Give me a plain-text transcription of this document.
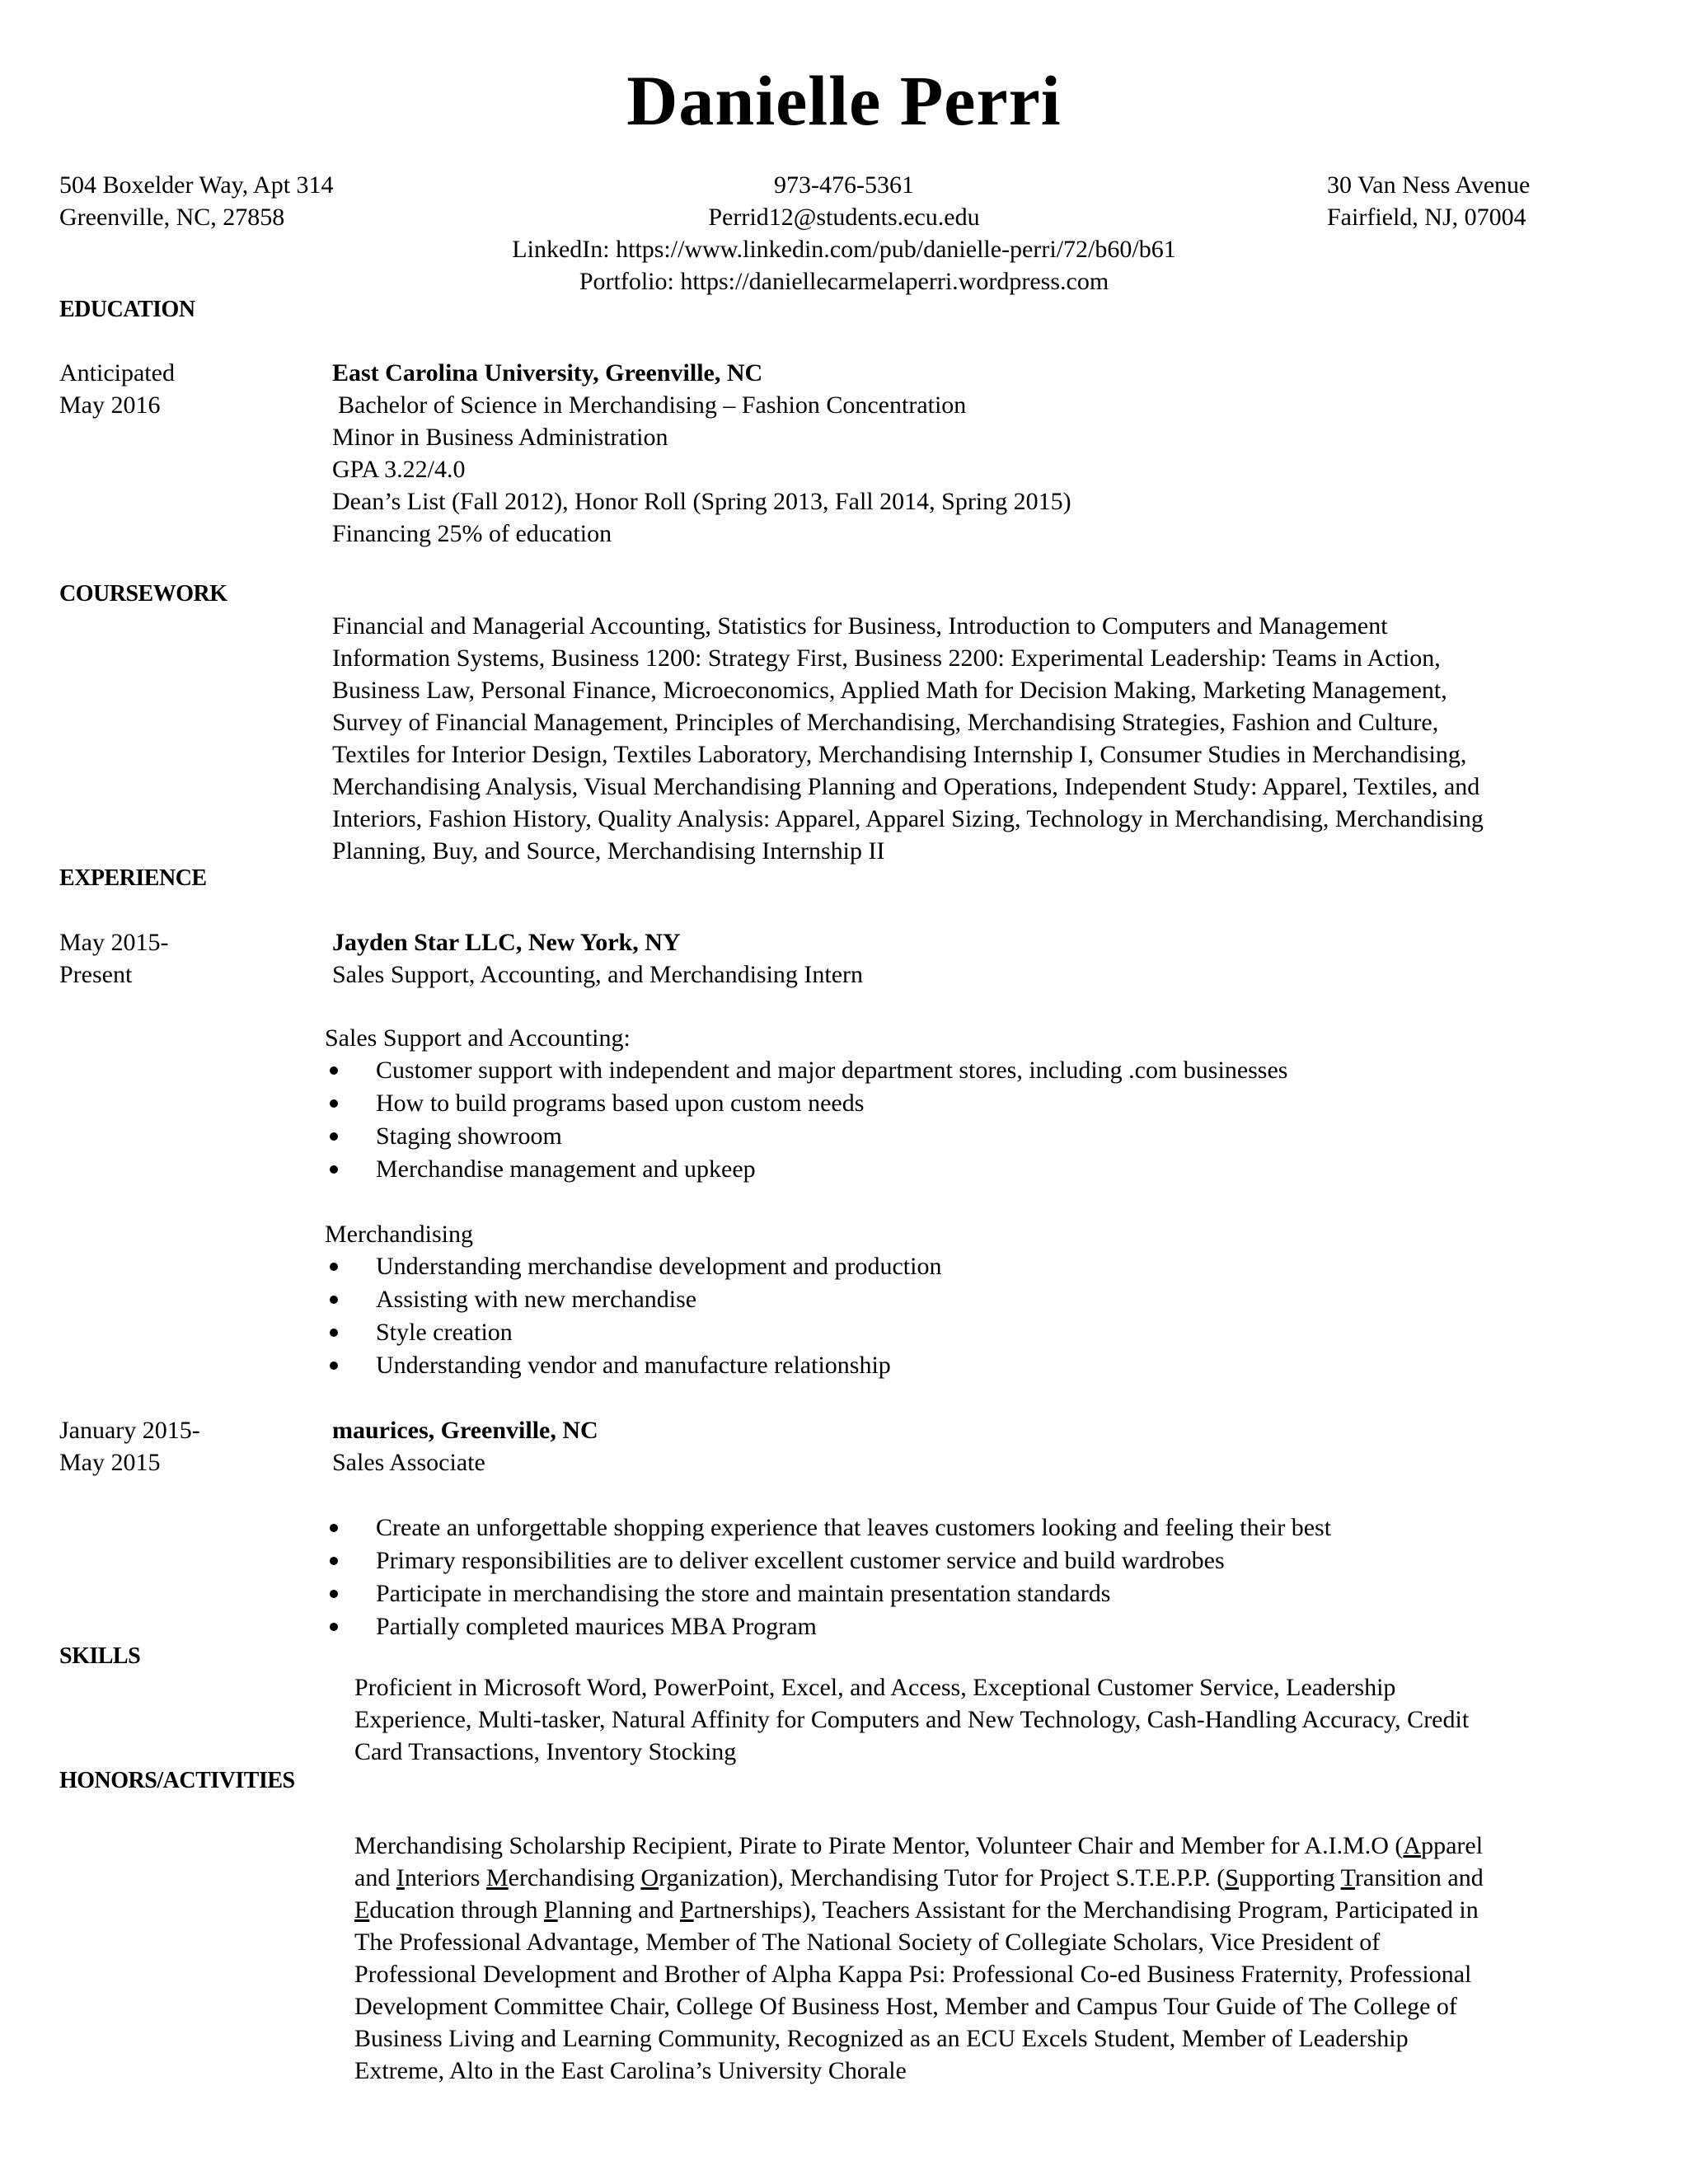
Danielle Perri
504 Boxelder Way, Apt 314
Greenville, NC, 27858
973-476-5361
Perrid12@students.ecu.edu
LinkedIn: https://www.linkedin.com/pub/danielle-perri/72/b60/b61
Portfolio: https://daniellecarmelaperri.wordpress.com
30 Van Ness Avenue
Fairfield, NJ, 07004
EDUCATION
Anticipated
May 2016
East Carolina University, Greenville, NC
Bachelor of Science in Merchandising – Fashion Concentration
Minor in Business Administration
GPA 3.22/4.0
Dean’s List (Fall 2012), Honor Roll (Spring 2013, Fall 2014, Spring 2015)
Financing 25% of education
COURSEWORK
Financial and Managerial Accounting, Statistics for Business, Introduction to Computers and Management
Information Systems, Business 1200: Strategy First, Business 2200: Experimental Leadership: Teams in Action,
Business Law, Personal Finance, Microeconomics, Applied Math for Decision Making, Marketing Management,
Survey of Financial Management, Principles of Merchandising, Merchandising Strategies, Fashion and Culture,
Textiles for Interior Design, Textiles Laboratory, Merchandising Internship I, Consumer Studies in Merchandising,
Merchandising Analysis, Visual Merchandising Planning and Operations, Independent Study: Apparel, Textiles, and
Interiors, Fashion History, Quality Analysis: Apparel, Apparel Sizing, Technology in Merchandising, Merchandising
Planning, Buy, and Source, Merchandising Internship II
EXPERIENCE
May 2015-
Present
Jayden Star LLC, New York, NY
Sales Support, Accounting, and Merchandising Intern
Sales Support and Accounting:
Customer support with independent and major department stores, including .com businesses
How to build programs based upon custom needs
Staging showroom
Merchandise management and upkeep
Merchandising
Understanding merchandise development and production
Assisting with new merchandise
Style creation
Understanding vendor and manufacture relationship
January 2015-
May 2015
maurices, Greenville, NC
Sales Associate
Create an unforgettable shopping experience that leaves customers looking and feeling their best
Primary responsibilities are to deliver excellent customer service and build wardrobes
Participate in merchandising the store and maintain presentation standards
Partially completed maurices MBA Program
SKILLS
Proficient in Microsoft Word, PowerPoint, Excel, and Access, Exceptional Customer Service, Leadership
Experience, Multi-tasker, Natural Affinity for Computers and New Technology, Cash-Handling Accuracy, Credit
Card Transactions, Inventory Stocking
HONORS/ACTIVITIES
Merchandising Scholarship Recipient, Pirate to Pirate Mentor, Volunteer Chair and Member for A.I.M.O (Apparel
and Interiors Merchandising Organization), Merchandising Tutor for Project S.T.E.P.P. (Supporting Transition and
Education through Planning and Partnerships), Teachers Assistant for the Merchandising Program, Participated in
The Professional Advantage, Member of The National Society of Collegiate Scholars, Vice President of
Professional Development and Brother of Alpha Kappa Psi: Professional Co-ed Business Fraternity, Professional
Development Committee Chair, College Of Business Host, Member and Campus Tour Guide of The College of
Business Living and Learning Community, Recognized as an ECU Excels Student, Member of Leadership
Extreme, Alto in the East Carolina’s University Chorale
